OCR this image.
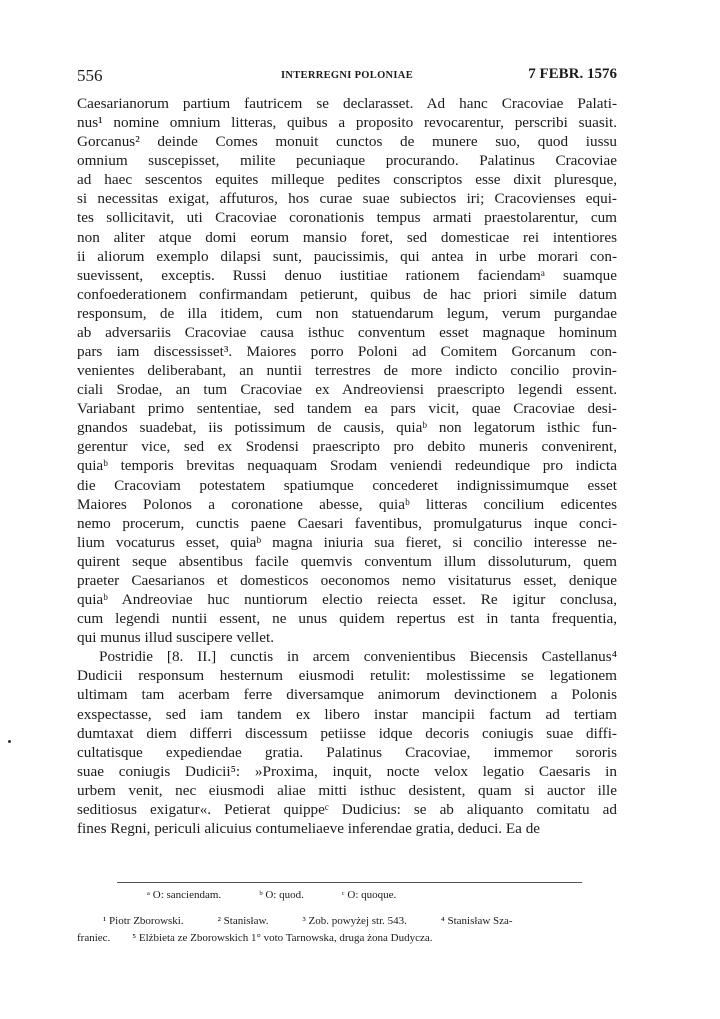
556	INTERREGNI POLONIAE	7 FEBR. 1576
Caesarianorum partium fautricem se declarasset. Ad hanc Cracoviae Palati-
nus¹ nomine omnium litteras, quibus a proposito revocarentur, perscribi suasit.
Gorcanus² deinde Comes monuit cunctos de munere suo, quod iussu
omnium suscepisset, milite pecuniaque procurando. Palatinus Cracoviae
ad haec sescentos equites milleque pedites conscriptos esse dixit pluresque,
si necessitas exigat, affuturos, hos curae suae subiectos iri; Cracovienses equi-
tes sollicitavit, uti Cracoviae coronationis tempus armati praestolarentur, cum
non aliter atque domi eorum mansio foret, sed domesticae rei intentiores
ii aliorum exemplo dilapsi sunt, paucissimis, qui antea in urbe morari con-
suevissent, exceptis. Russi denuo iustitiae rationem faciendamᵃ suamque
confoederationem confirmandam petierunt, quibus de hac priori simile datum
responsum, de illa itidem, cum non statuendarum legum, verum purgandae
ab adversariis Cracoviae causa isthuc conventum esset magnaque hominum
pars iam discessisset³. Maiores porro Poloni ad Comitem Gorcanum con-
venientes deliberabant, an nuntii terrestres de more indicto concilio provin-
ciali Srodae, an tum Cracoviae ex Andreoviensi praescripto legendi essent.
Variabant primo sententiae, sed tandem ea pars vicit, quae Cracoviae desi-
gnandos suadebat, iis potissimum de causis, quiaᵇ non legatorum isthic fun-
gerentur vice, sed ex Srodensi praescripto pro debito muneris convenirent,
quiaᵇ temporis brevitas nequaquam Srodam veniendi redeundique pro indicta
die Cracoviam potestatem spatiumque concederet indignissimumque esset
Maiores Polonos a coronatione abesse, quiaᵇ litteras concilium edicentes
nemo procerum, cunctis paene Caesari faventibus, promulgaturus inque conci-
lium vocaturus esset, quiaᵇ magna iniuria sua fieret, si concilio interesse ne-
quirent seque absentibus facile quemvis conventum illum dissoluturum, quem
praeter Caesarianos et domesticos oeconomos nemo visitaturus esset, denique
quiaᵇ Andreoviae huc nuntiorum electio reiecta esset. Re igitur conclusa,
cum legendi nuntii essent, ne unus quidem repertus est in tanta frequentia,
qui munus illud suscipere vellet.
Postridie [8. II.] cunctis in arcem convenientibus Biecensis Castellanus⁴
Dudicii responsum hesternum eiusmodi retulit: molestissime se legationem
ultimam tam acerbam ferre diversamque animorum devinctionem a Polonis
exspectasse, sed iam tandem ex libero instar mancipii factum ad tertiam
dumtaxat diem differri discessum petiisse idque decoris coniugis suae diffi-
cultatisque expediendae gratia. Palatinus Cracoviae, immemor sororis
suae coniugis Dudicii⁵: »Proxima, inquit, nocte velox legatio Caesaris in
urbem venit, nec eiusmodi aliae mitti isthuc desistent, quam si auctor ille
seditiosus exigatur«. Petierat quippeᶜ Dudicius: se ab aliquanto comitatu ad
fines Regni, periculi alicuius contumeliaeve inferendae gratia, deduci. Ea de
ᵃ O: sanciendam.	ᵇ O: quod.	ᶜ O: quoque.
¹ Piotr Zborowski.	² Stanisław.	³ Zob. powyżej str. 543.	⁴ Stanisław Sza-
franiec. ⁵ Elżbieta ze Zborowskich 1° voto Tarnowska, druga żona Dudycza.
